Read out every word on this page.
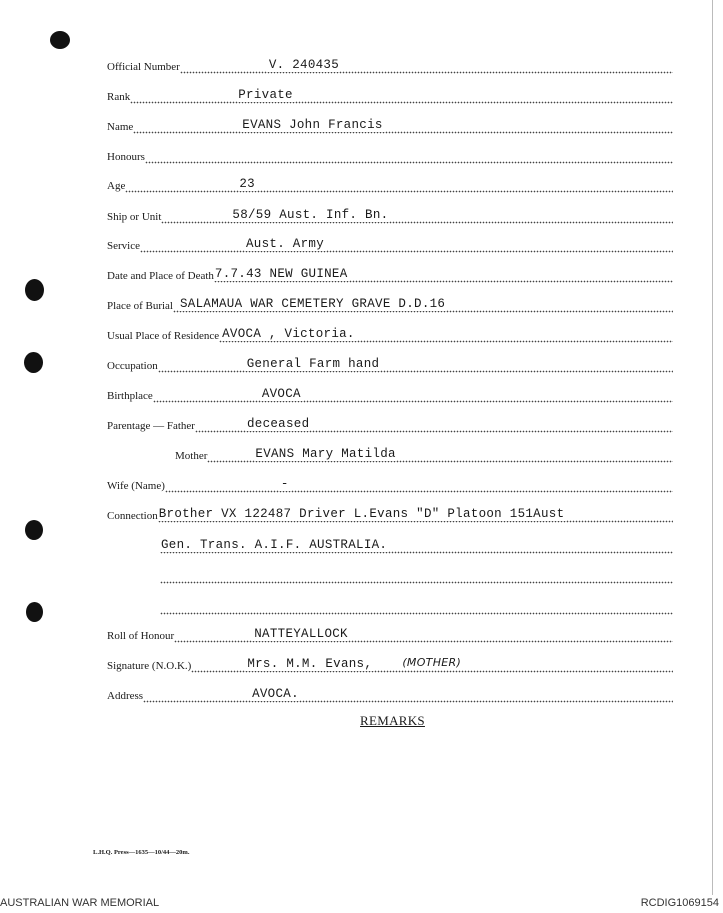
Official Number	V. 240435
Rank	Private
Name	EVANS John Francis
Honours
Age	23
Ship or Unit	58/59 Aust. Inf. Bn.
Service	Aust. Army
Date and Place of Death 7.7.43 NEW GUINEA
Place of Burial SALAMAUA WAR CEMETERY GRAVE D.D.16
Usual Place of Residence AVOCA , Victoria.
Occupation	General Farm hand
Birthplace	AVOCA
Parentage — Father	deceased
Mother	EVANS Mary Matilda
Wife (Name)	-
Connection Brother VX 122487 Driver L.Evans "D" Platoon 151Aust
Gen. Trans. A.I.F. AUSTRALIA.
Roll of Honour	NATTEYALLOCK
Signature (N.O.K.)	Mrs. M.M. Evans,	(MOTHER)
Address	AVOCA.
REMARKS
L.H.Q. Press—1635—10/44—20m.
AUSTRALIAN WAR MEMORIAL	RCDIG1069154
